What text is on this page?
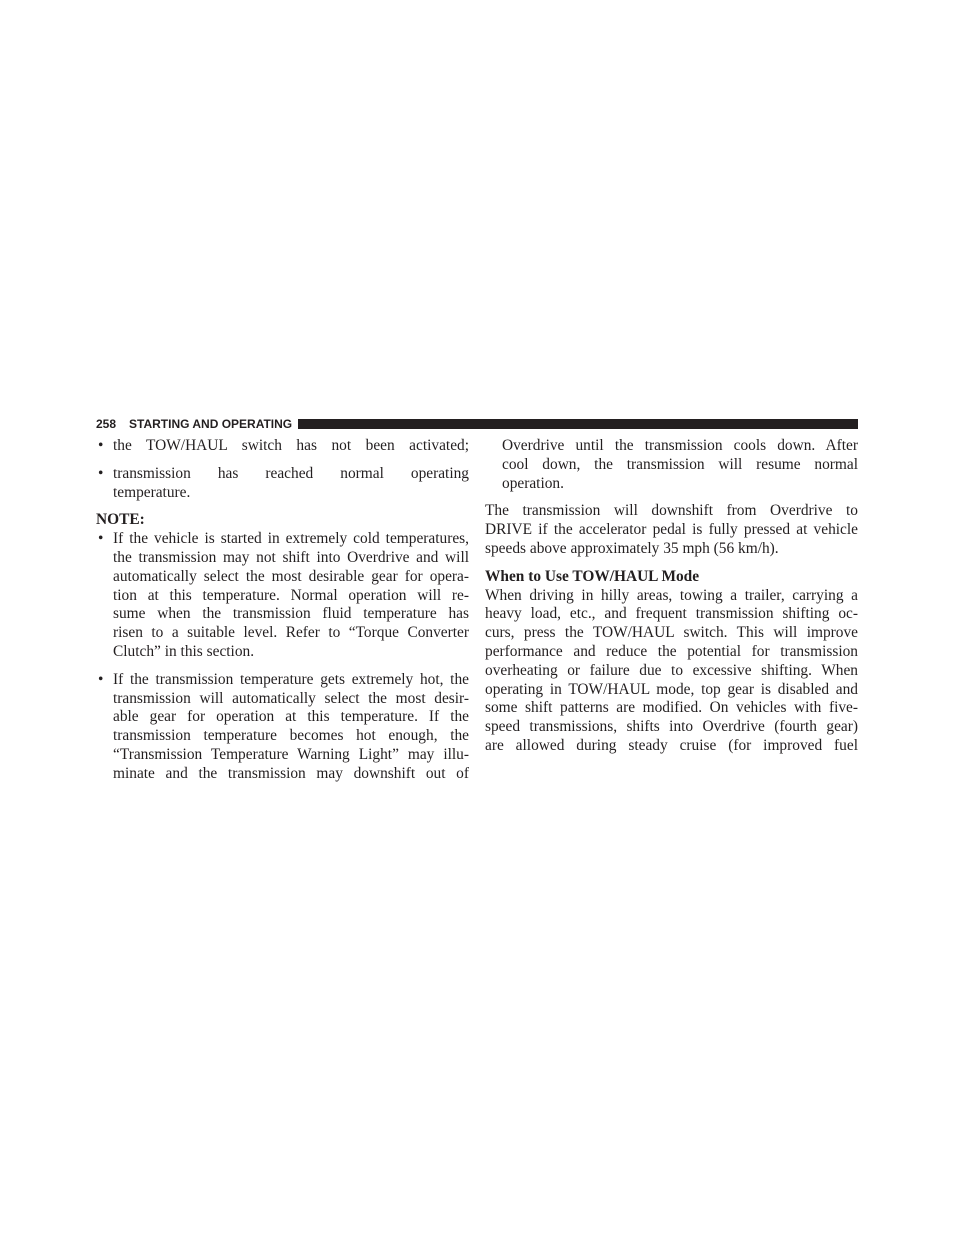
258 STARTING AND OPERATING
• the TOW/HAUL switch has not been activated;
• transmission has reached normal operating
temperature.
NOTE:
• If the vehicle is started in extremely cold temperatures,
the transmission may not shift into Overdrive and will
automatically select the most desirable gear for opera-
tion at this temperature. Normal operation will re-
sume when the transmission fluid temperature has
risen to a suitable level. Refer to “Torque Converter
Clutch” in this section.
• If the transmission temperature gets extremely hot, the
transmission will automatically select the most desir-
able gear for operation at this temperature. If the
transmission temperature becomes hot enough, the
“Transmission Temperature Warning Light” may illu-
minate and the transmission may downshift out of
Overdrive until the transmission cools down. After
cool down, the transmission will resume normal
operation.
The transmission will downshift from Overdrive to
DRIVE if the accelerator pedal is fully pressed at vehicle
speeds above approximately 35 mph (56 km/h).
When to Use TOW/HAUL Mode
When driving in hilly areas, towing a trailer, carrying a
heavy load, etc., and frequent transmission shifting oc-
curs, press the TOW/HAUL switch. This will improve
performance and reduce the potential for transmission
overheating or failure due to excessive shifting. When
operating in TOW/HAUL mode, top gear is disabled and
some shift patterns are modified. On vehicles with five-
speed transmissions, shifts into Overdrive (fourth gear)
are allowed during steady cruise (for improved fuel
